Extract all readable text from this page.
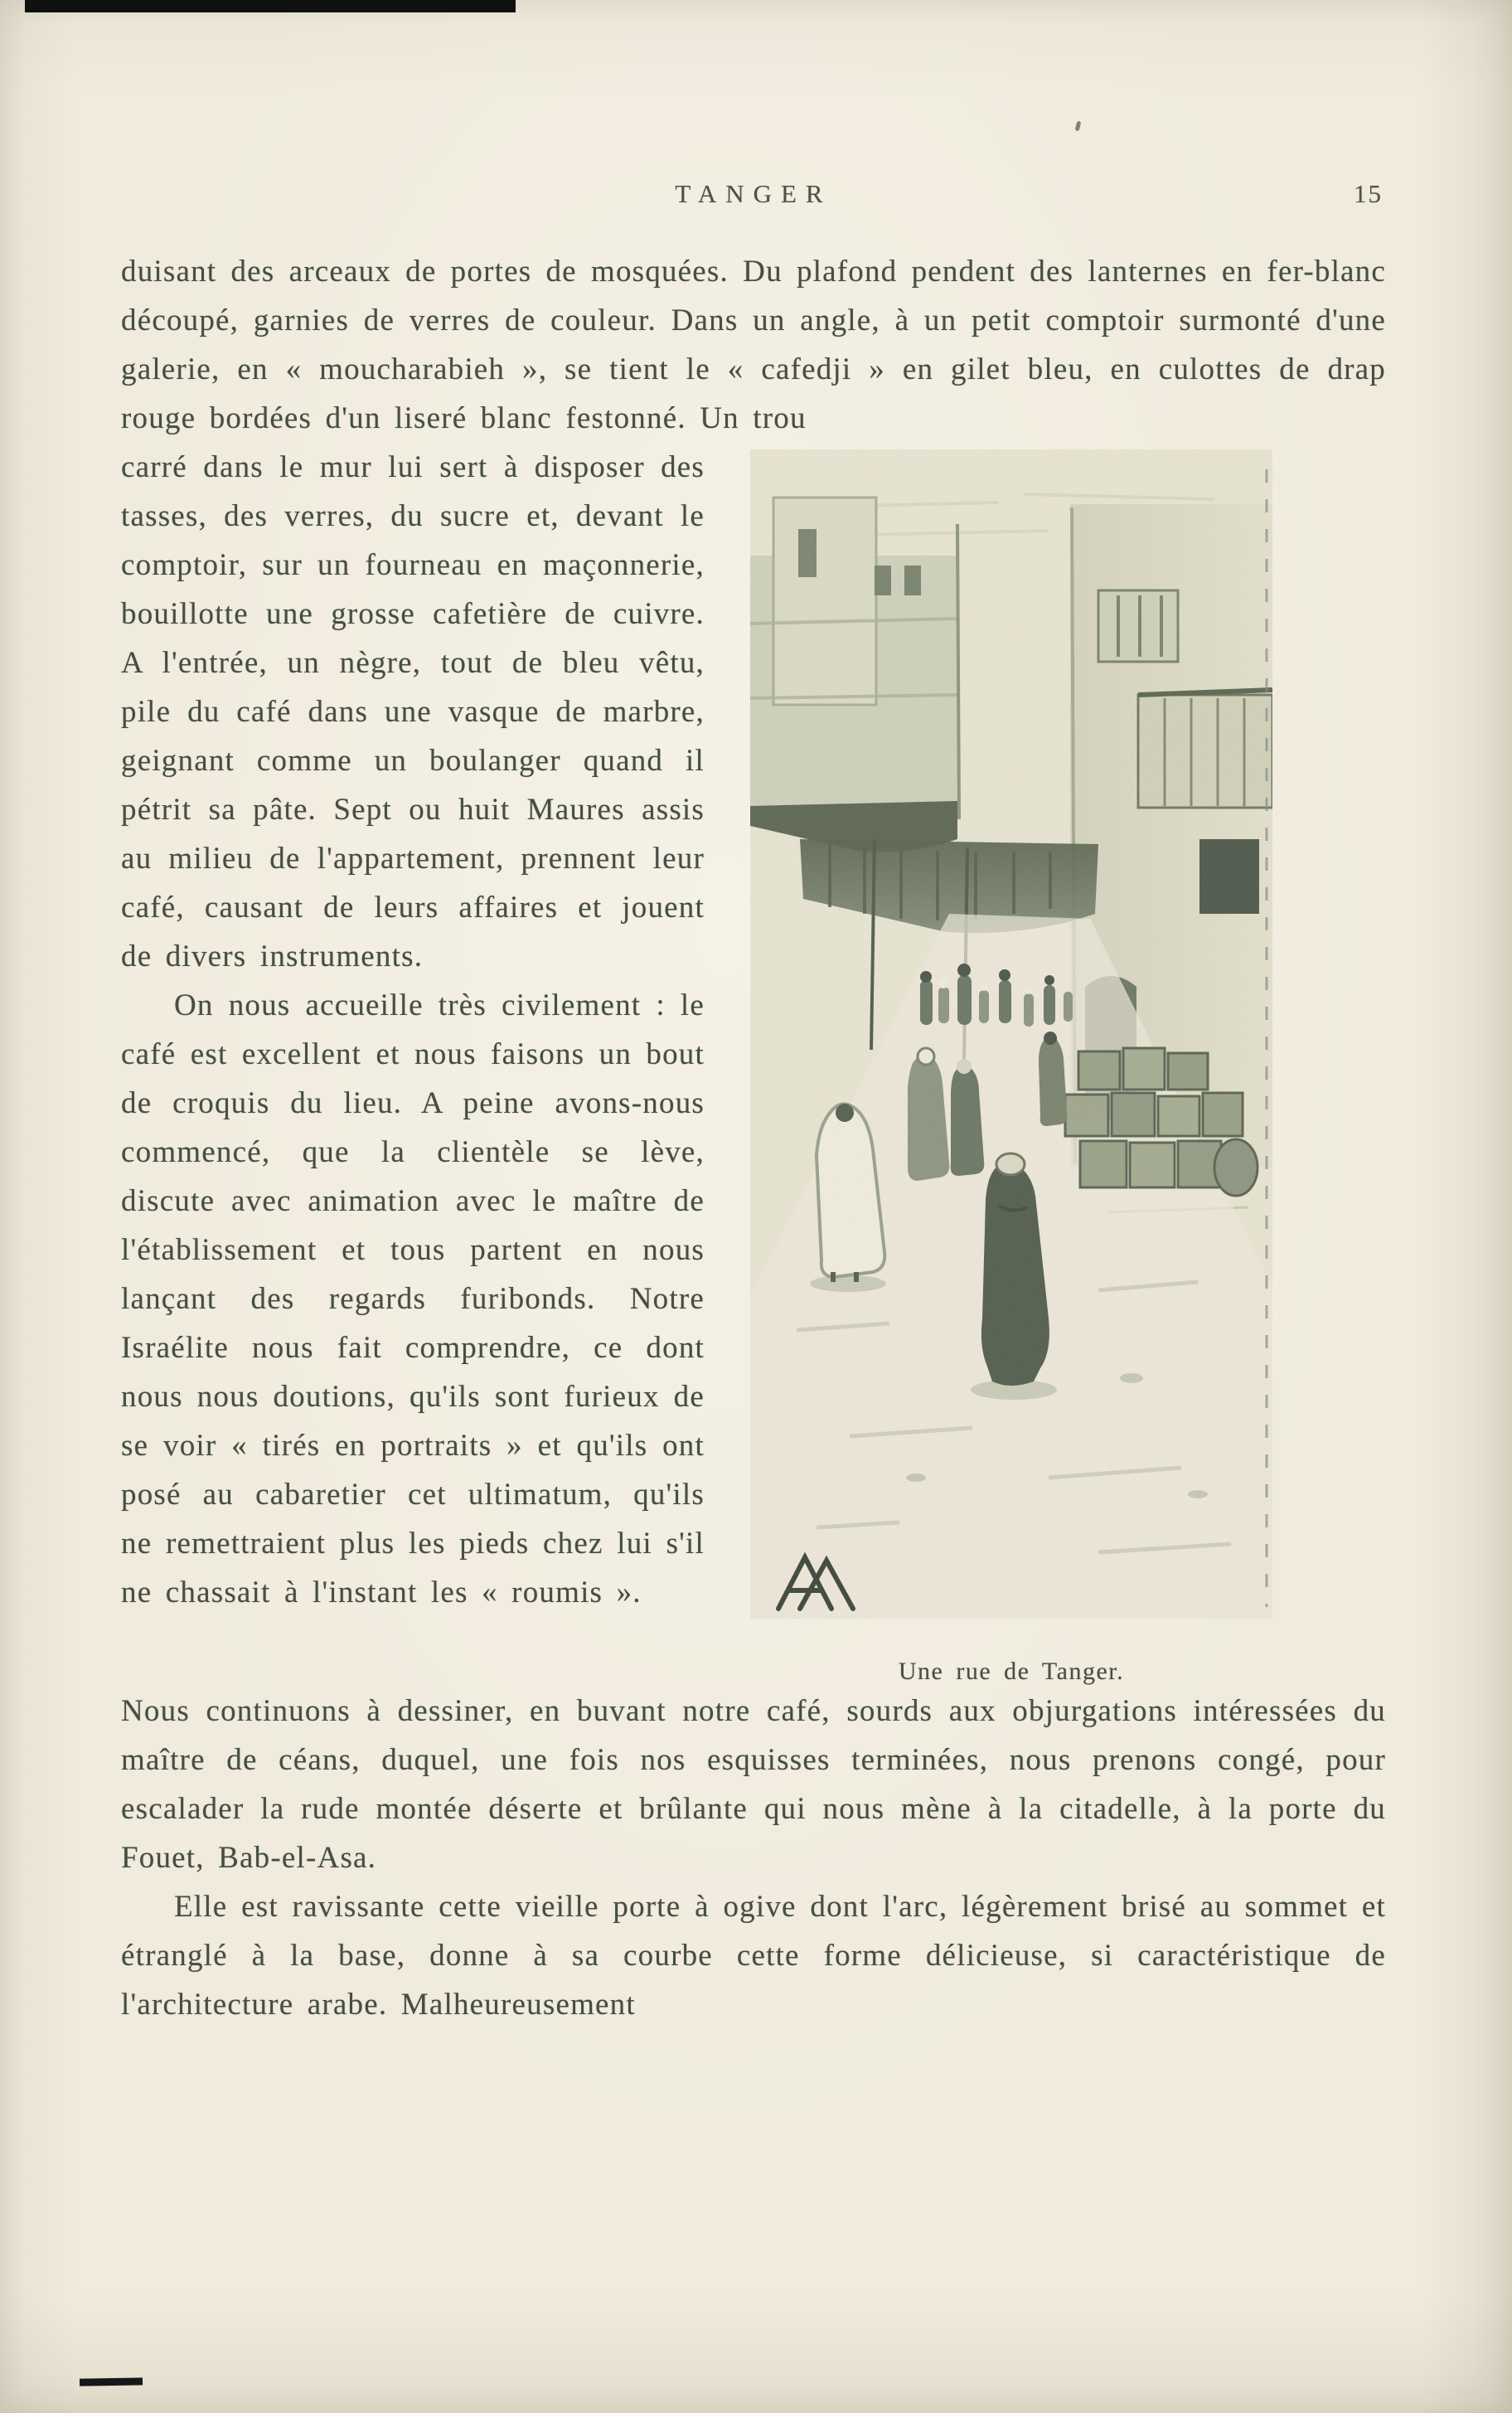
TANGER	15

duisant des arceaux de portes de mosquées. Du plafond pendent des lanternes en fer-blanc découpé, garnies de verres de couleur. Dans un angle, à un petit comptoir surmonté d'une galerie, en « moucharabieh », se tient le « cafedji » en gilet bleu, en culottes de drap rouge bordées d'un liseré blanc festonné. Un trou

carré dans le mur lui sert à disposer des tasses, des verres, du sucre et, devant le comptoir, sur un fourneau en maçonnerie, bouillotte une grosse cafetière de cuivre. A l'entrée, un nègre, tout de bleu vêtu, pile du café dans une vasque de marbre, geignant comme un boulanger quand il pétrit sa pâte. Sept ou huit Maures assis au milieu de l'appartement, prennent leur café, causant de leurs affaires et jouent de divers instruments.

On nous accueille très civilement : le café est excellent et nous faisons un bout de croquis du lieu. A peine avons-nous commencé, que la clientèle se lève, discute avec animation avec le maître de l'établissement et tous partent en nous lançant des regards furibonds. Notre Israélite nous fait comprendre, ce dont nous nous doutions, qu'ils sont furieux de se voir « tirés en portraits » et qu'ils ont posé au cabaretier cet ultimatum, qu'ils ne remettraient plus les pieds chez lui s'il ne chassait à l'instant les « roumis ».

Une rue de Tanger.

Nous continuons à dessiner, en buvant notre café, sourds aux objurgations intéressées du maître de céans, duquel, une fois nos esquisses terminées, nous prenons congé, pour escalader la rude montée déserte et brûlante qui nous mène à la citadelle, à la porte du Fouet, Bab-el-Asa.

Elle est ravissante cette vieille porte à ogive dont l'arc, légèrement brisé au sommet et étranglé à la base, donne à sa courbe cette forme délicieuse, si caractéristique de l'architecture arabe. Malheureusement
